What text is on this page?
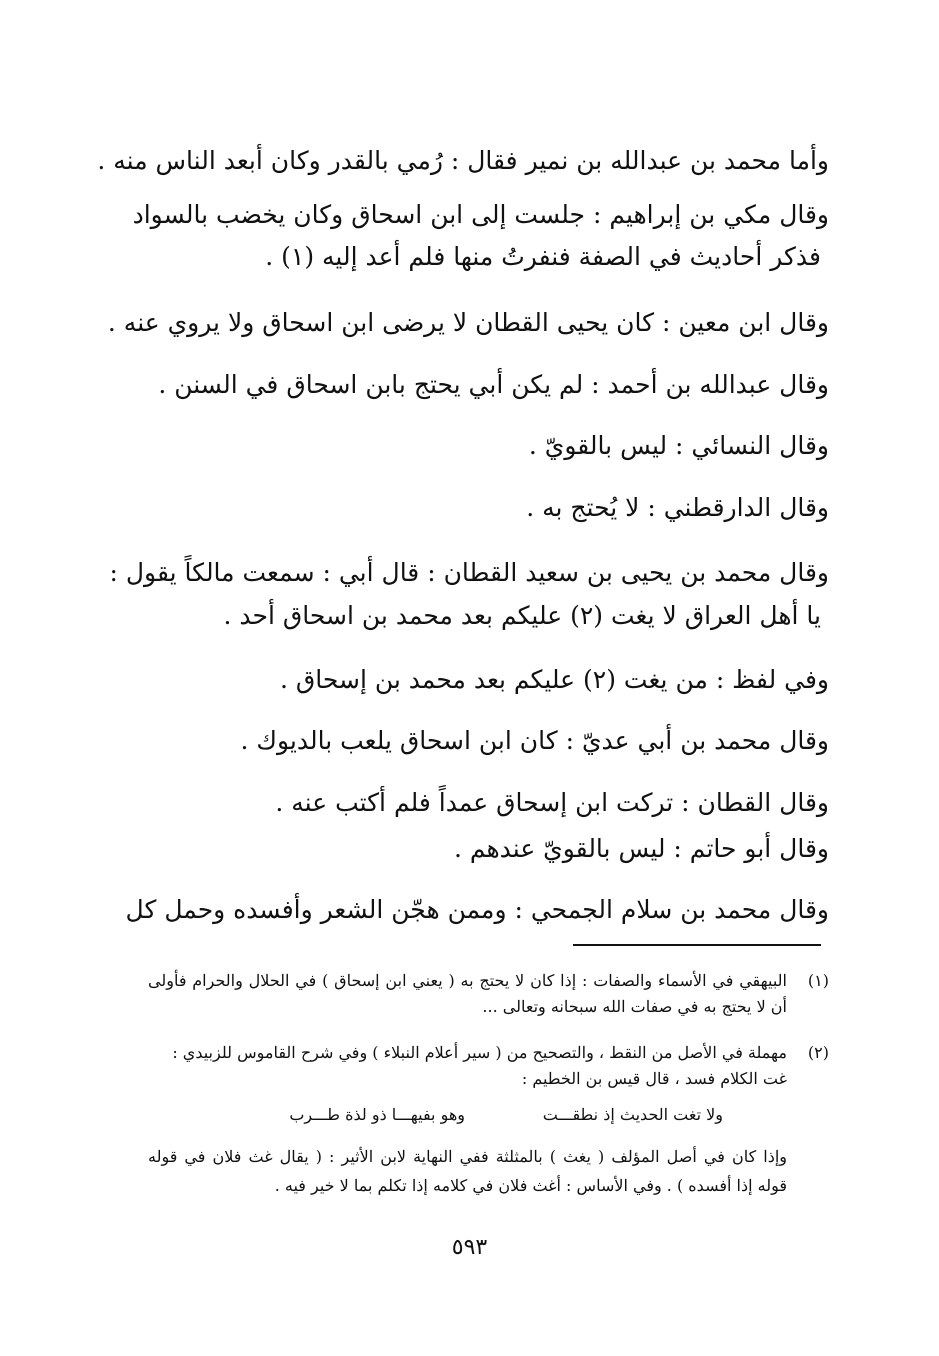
وأما محمد بن عبدالله بن نمير فقال : رُمي بالقدر وكان أبعد الناس منه .
وقال مكي بن إبراهيم : جلست إلى ابن اسحاق وكان يخضب بالسواد
فذكر أحاديث في الصفة فنفرتُ منها فلم أعد إليه (١) .
وقال ابن معين : كان يحيى القطان لا يرضى ابن اسحاق ولا يروي عنه .
وقال عبدالله بن أحمد : لم يكن أبي يحتج بابن اسحاق في السنن .
وقال النسائي : ليس بالقويّ .
وقال الدارقطني : لا يُحتج به .
وقال محمد بن يحيى بن سعيد القطان : قال أبي : سمعت مالكاً يقول :
يا أهل العراق لا يغت (٢) عليكم بعد محمد بن اسحاق أحد .
وفي لفظ : من يغت (٢) عليكم بعد محمد بن إسحاق .
وقال محمد بن أبي عديّ : كان ابن اسحاق يلعب بالديوك .
وقال القطان : تركت ابن إسحاق عمداً فلم أكتب عنه .
وقال أبو حاتم : ليس بالقويّ عندهم .
وقال محمد بن سلام الجمحي : وممن هجّن الشعر وأفسده وحمل كل
(١)
البيهقي في الأسماء والصفات : إذا كان لا يحتج به ( يعني ابن إسحاق ) في الحلال والحرام فأولى
أن لا يحتج به في صفات الله سبحانه وتعالى ...
(٢)
مهملة في الأصل من النقط ، والتصحيح من ( سير أعلام النبلاء ) وفي شرح القاموس للزبيدي :
غت الكلام فسد ، قال قيس بن الخطيم :
ولا تغت الحديث إذ نطقـــت
وهو بفيهـــا ذو لذة طـــرب
وإذا كان في أصل المؤلف ( يغث ) بالمثلثة ففي النهاية لابن الأثير : ( يقال غث فلان في قوله
قوله إذا أفسده ) . وفي الأساس : أغث فلان في كلامه إذا تكلم بما لا خير فيه .
٥٩٣
